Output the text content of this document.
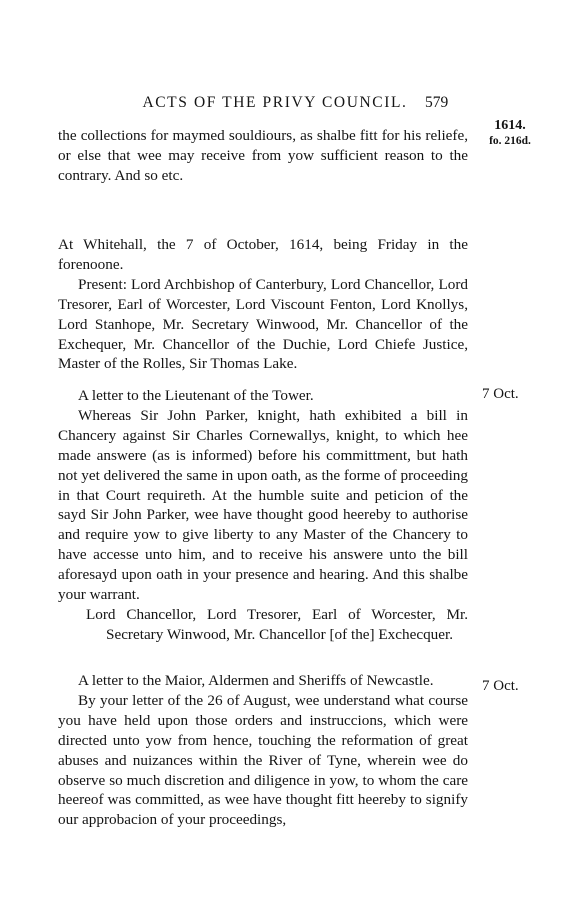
ACTS OF THE PRIVY COUNCIL.	579
1614.
fo. 216d.
7 Oct.
7 Oct.

the collections for maymed souldiours, as shalbe fitt for his reliefe, or else that wee may receive from yow sufficient reason to the contrary. And so etc.

At Whitehall, the 7 of October, 1614, being Friday in the forenoone.

Present: Lord Archbishop of Canterbury, Lord Chancellor, Lord Tresorer, Earl of Worcester, Lord Viscount Fenton, Lord Knollys, Lord Stanhope, Mr. Secretary Winwood, Mr. Chancellor of the Exchequer, Mr. Chancellor of the Duchie, Lord Chiefe Justice, Master of the Rolles, Sir Thomas Lake.

A letter to the Lieutenant of the Tower.

Whereas Sir John Parker, knight, hath exhibited a bill in Chancery against Sir Charles Cornewallys, knight, to which hee made answere (as is informed) before his committment, but hath not yet delivered the same in upon oath, as the forme of proceeding in that Court requireth. At the humble suite and peticion of the sayd Sir John Parker, wee have thought good heereby to authorise and require yow to give liberty to any Master of the Chancery to have accesse unto him, and to receive his answere unto the bill aforesayd upon oath in your presence and hearing. And this shalbe your warrant.

Lord Chancellor, Lord Tresorer, Earl of Worcester, Mr. Secretary Winwood, Mr. Chancellor [of the] Exchecquer.

A letter to the Maior, Aldermen and Sheriffs of Newcastle.

By your letter of the 26 of August, wee understand what course you have held upon those orders and instruccions, which were directed unto yow from hence, touching the reformation of great abuses and nuizances within the River of Tyne, wherein wee do observe so much discretion and diligence in yow, to whom the care heereof was committed, as wee have thought fitt heereby to signify our approbacion of your proceedings,
